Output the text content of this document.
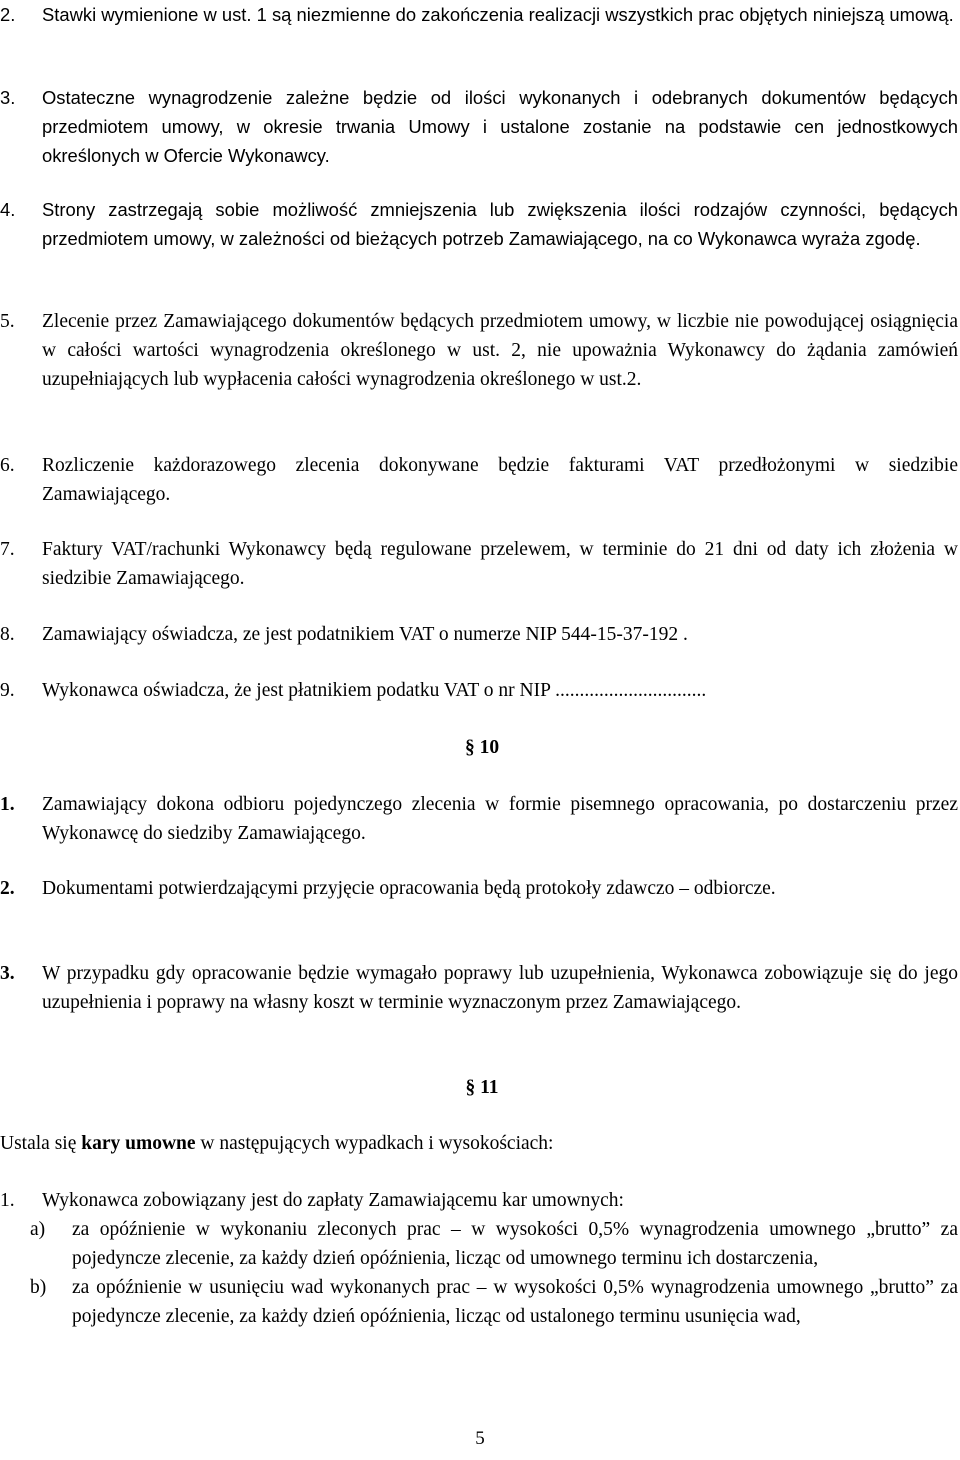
2.	Stawki wymienione w ust. 1 są niezmienne do zakończenia realizacji wszystkich prac objętych niniejszą umową.
3.	Ostateczne wynagrodzenie zależne będzie od ilości wykonanych i odebranych dokumentów będących przedmiotem umowy, w okresie trwania Umowy i ustalone zostanie na podstawie cen jednostkowych określonych w Ofercie Wykonawcy.
4.	Strony zastrzegają sobie możliwość zmniejszenia lub zwiększenia ilości rodzajów czynności, będących przedmiotem umowy, w zależności od bieżących potrzeb Zamawiającego, na co Wykonawca wyraża zgodę.
5.	Zlecenie przez Zamawiającego dokumentów będących przedmiotem umowy, w liczbie nie powodującej osiągnięcia w całości wartości wynagrodzenia określonego w ust. 2, nie upoważnia Wykonawcy do żądania zamówień uzupełniających lub wypłacenia całości wynagrodzenia określonego w ust.2.
6.	Rozliczenie każdorazowego zlecenia dokonywane będzie fakturami VAT przedłożonymi w siedzibie Zamawiającego.
7.	Faktury VAT/rachunki Wykonawcy będą regulowane przelewem, w terminie do 21 dni od daty ich złożenia w siedzibie Zamawiającego.
8.	Zamawiający oświadcza, ze jest podatnikiem VAT o numerze NIP 544-15-37-192 .
9.	Wykonawca oświadcza, że jest płatnikiem podatku VAT o nr NIP ...............................
§ 10
1.	Zamawiający dokona odbioru pojedynczego zlecenia w formie pisemnego opracowania, po dostarczeniu przez Wykonawcę do siedziby Zamawiającego.
2.	Dokumentami potwierdzającymi przyjęcie opracowania będą protokoły zdawczo – odbiorcze.
3.	W przypadku gdy opracowanie będzie wymagało poprawy lub uzupełnienia, Wykonawca zobowiązuje się do jego uzupełnienia i poprawy na własny koszt w terminie wyznaczonym przez Zamawiającego.
§ 11
Ustala się kary umowne w następujących wypadkach i wysokościach:
1.	Wykonawca zobowiązany jest do zapłaty Zamawiającemu kar umownych:
a)	za opóźnienie w wykonaniu zleconych prac – w wysokości 0,5% wynagrodzenia umownego „brutto” za pojedyncze zlecenie, za każdy dzień opóźnienia, licząc od umownego terminu ich dostarczenia,
b)	za opóźnienie w usunięciu wad wykonanych prac – w wysokości 0,5% wynagrodzenia umownego „brutto” za pojedyncze zlecenie, za każdy dzień opóźnienia, licząc od ustalonego terminu usunięcia wad,
5
